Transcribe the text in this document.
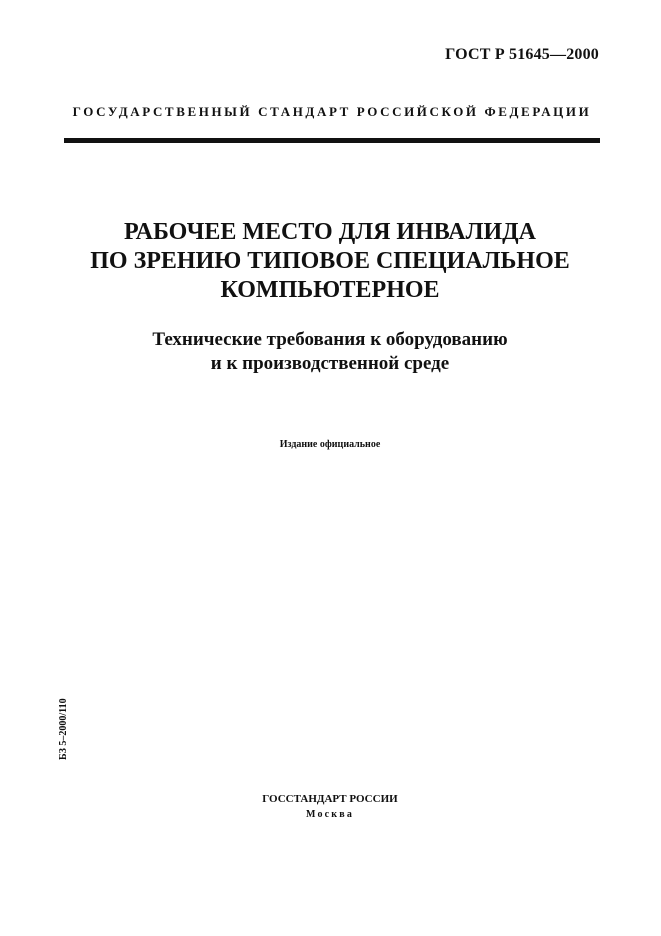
ГОСТ Р 51645—2000
ГОСУДАРСТВЕННЫЙ СТАНДАРТ РОССИЙСКОЙ ФЕДЕРАЦИИ
РАБОЧЕЕ МЕСТО ДЛЯ ИНВАЛИДА
ПО ЗРЕНИЮ ТИПОВОЕ СПЕЦИАЛЬНОЕ
КОМПЬЮТЕРНОЕ
Технические требования к оборудованию
и к производственной среде
Издание официальное
БЗ 5–2000/110
ГОССТАНДАРТ РОССИИ
Москва
